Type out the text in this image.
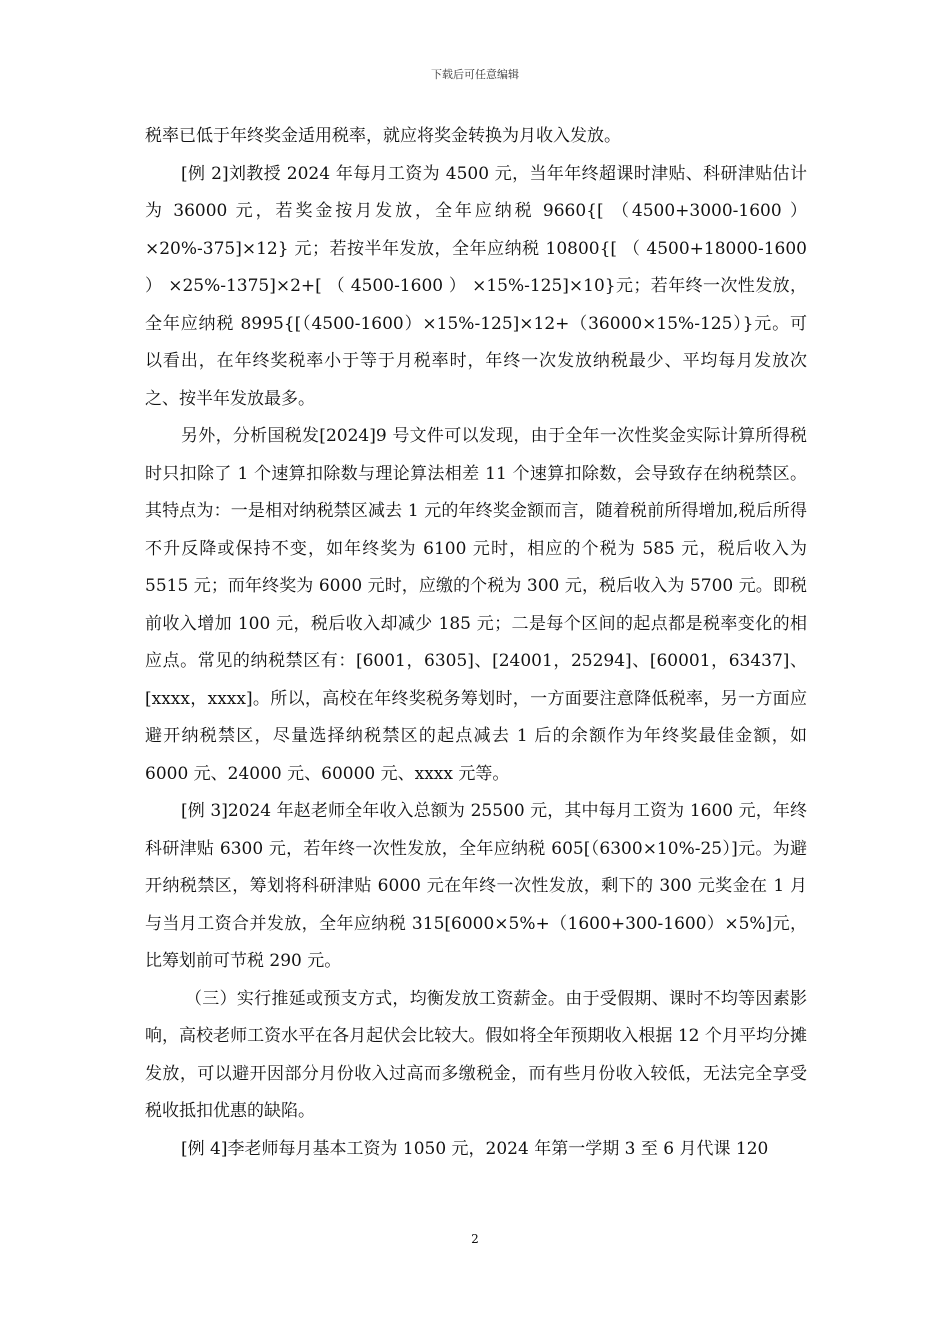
下载后可任意编辑

税率已低于年终奖金适用税率，就应将奖金转换为月收入发放。

[例 2]刘教授 2024 年每月工资为 4500 元，当年年终超课时津贴、科研津贴估计为 36000 元，若奖金按月发放，全年应纳税 9660{[ （4500+3000-1600 ） ×20%-375]×12} 元；若按半年发放，全年应纳税 10800{[ （ 4500+18000-1600 ） ×25%-1375]×2+[ （ 4500-1600 ） ×15%-125]×10}元；若年终一次性发放，全年应纳税 8995{[（4500-1600）×15%-125]×12+（36000×15%-125）}元。可以看出，在年终奖税率小于等于月税率时，年终一次发放纳税最少、平均每月发放次之、按半年发放最多。

另外，分析国税发[2024]9 号文件可以发现，由于全年一次性奖金实际计算所得税时只扣除了 1 个速算扣除数与理论算法相差 11 个速算扣除数，会导致存在纳税禁区。其特点为：一是相对纳税禁区减去 1 元的年终奖金额而言，随着税前所得增加,税后所得不升反降或保持不变，如年终奖为 6100 元时，相应的个税为 585 元，税后收入为 5515 元；而年终奖为 6000 元时，应缴的个税为 300 元，税后收入为 5700 元。即税前收入增加 100 元，税后收入却减少 185 元；二是每个区间的起点都是税率变化的相应点。常见的纳税禁区有：[6001，6305]、[24001，25294]、[60001，63437]、[xxxx，xxxx]。所以，高校在年终奖税务筹划时，一方面要注意降低税率，另一方面应避开纳税禁区，尽量选择纳税禁区的起点减去 1 后的余额作为年终奖最佳金额，如 6000 元、24000 元、60000 元、xxxx 元等。

[例 3]2024 年赵老师全年收入总额为 25500 元，其中每月工资为 1600 元，年终科研津贴 6300 元，若年终一次性发放，全年应纳税 605[（6300×10%-25）]元。为避开纳税禁区，筹划将科研津贴 6000 元在年终一次性发放，剩下的 300 元奖金在 1 月与当月工资合并发放，全年应纳税 315[6000×5%+（1600+300-1600）×5%]元，比筹划前可节税 290 元。

（三）实行推延或预支方式，均衡发放工资薪金。由于受假期、课时不均等因素影响，高校老师工资水平在各月起伏会比较大。假如将全年预期收入根据 12 个月平均分摊发放，可以避开因部分月份收入过高而多缴税金，而有些月份收入较低，无法完全享受税收抵扣优惠的缺陷。

[例 4]李老师每月基本工资为 1050 元，2024 年第一学期 3 至 6 月代课 120

2
